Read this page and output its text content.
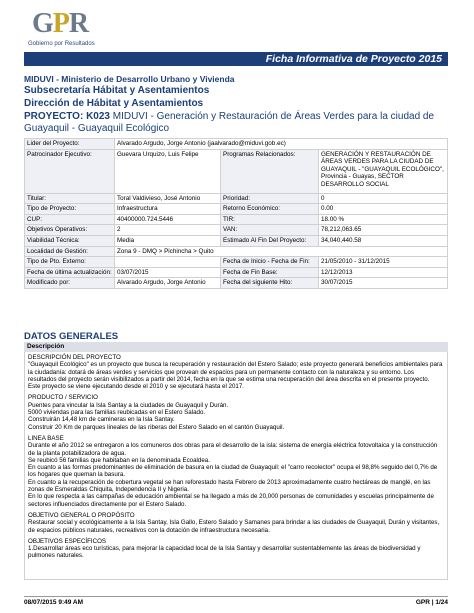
GPR
Gobierno por Resultados
Ficha Informativa de Proyecto 2015
MIDUVI - Ministerio de Desarrollo Urbano y Vivienda
Subsecretaría Hábitat y Asentamientos
Dirección de Hábitat y Asentamientos
PROYECTO: K023 MIDUVI - Generación y Restauración de Áreas Verdes para la ciudad de Guayaquil - Guayaquil Ecológico
Lider del Proyecto:	Alvarado Argudo, Jorge Antonio (jaalvarado@miduvi.gob.ec)		
Patrocinador Ejecutivo:	Guevara Urquizo, Luis Felipe	Programas Relacionados:	GENERACIÓN Y RESTAURACIÓN DE ÁREAS VERDES PARA LA CIUDAD DE GUAYAQUIL - "GUAYAQUIL ECOLÓGICO", Provincia - Guayas, SECTOR DESARROLLO SOCIAL
Titular:	Toral Valdivieso, José Antonio	Prioridad:	0
Tipo de Proyecto:	Infraestructura	Retorno Económico:	0.00
CUP:	40400000.724.5446	TIR:	18.00 %
Objetivos Operativos:	2	VAN:	78,212,063.65
Viabilidad Técnica:	Media	Estimado Al Fin Del Proyecto:	34,040,440.58
Localidad de Gestión:	Zona 9 - DMQ > Pichincha > Quito		
Tipo de Pto. Externo:		Fecha de Inicio - Fecha de Fin:	21/05/2010 - 31/12/2015
Fecha de última actualización:	03/07/2015	Fecha de Fin Base:	12/12/2013
Modificado por:	Alvarado Argudo, Jorge Antonio	Fecha del siguiente Hito:	30/07/2015
DATOS GENERALES
Descripción
DESCRIPCIÓN DEL PROYECTO
"Guayaquil Ecológico" es un proyecto que busca la recuperación y restauración del Estero Salado; este proyecto generará beneficios ambientales para la ciudadanía: dotará de áreas verdes y servicios que provean de espacios para un permanente contacto con la naturaleza y su entorno. Los resultados del proyecto serán visibilizados a partir del 2014, fecha en la que se estima una recuperación del área descrita en el presente proyecto.
Este proyecto se viene ejecutando desde el 2010 y se ejecutará hasta el 2017.
PRODUCTO / SERVICIO
Puentes para vincular la Isla Santay a la ciudades de Guayaquil y Durán.
5000 viviendas para las familias reubicadas en el Estero Salado.
Construirán 14,48 km de camineras en la Isla Santay.
Construir 20 Km de parques lineales de las riberas del Estero Salado en el cantón Guayaquil.
LINEA BASE
Durante el año 2012 se entregaron a los comuneros dos obras para el desarrollo de la isla: sistema de energía eléctrica fotovoltaica y la construcción de la planta potabilizadora de agua.
Se reubicó 56 familias que habitaban en la denominada Ecoaldea.
En cuanto a las formas predominantes de eliminación de basura en la ciudad de Guayaquil: el "carro recolector" ocupa el 98,8% seguido del 0,7% de los hogares que queman la basura.
En cuanto a la recuperación de cobertura vegetal se han reforestado hasta Febrero de 2013 aproximadamente cuatro hectáreas de manglé, en las zonas de Esmeraldas Chiquita, Independencia II y Nigeria.
En lo que respecta a las campañas de educación ambiental se ha llegado a más de 20,000 personas de comunidades y escuelas principalmente de sectores influenciados directamente por el Estero Salado.
OBJETIVO GENERAL O PROPÓSITO
Restaurar social y ecológicamente a la Isla Santay, Isla Gallo, Estero Salado y Samanes para brindar a las ciudades de Guayaquil, Durán y visitantes, de espacios públicos naturales, recreativos con la dotación de infraestructura necesaria.
OBJETIVOS ESPECÍFICOS
1.Desarrollar áreas eco turísticas, para mejorar la capacidad local de la Isla Santay y desarrollar sustentablemente las áreas de biodiversidad y pulmones naturales.
08/07/2015 9:49 AM	GPR | 1/24
